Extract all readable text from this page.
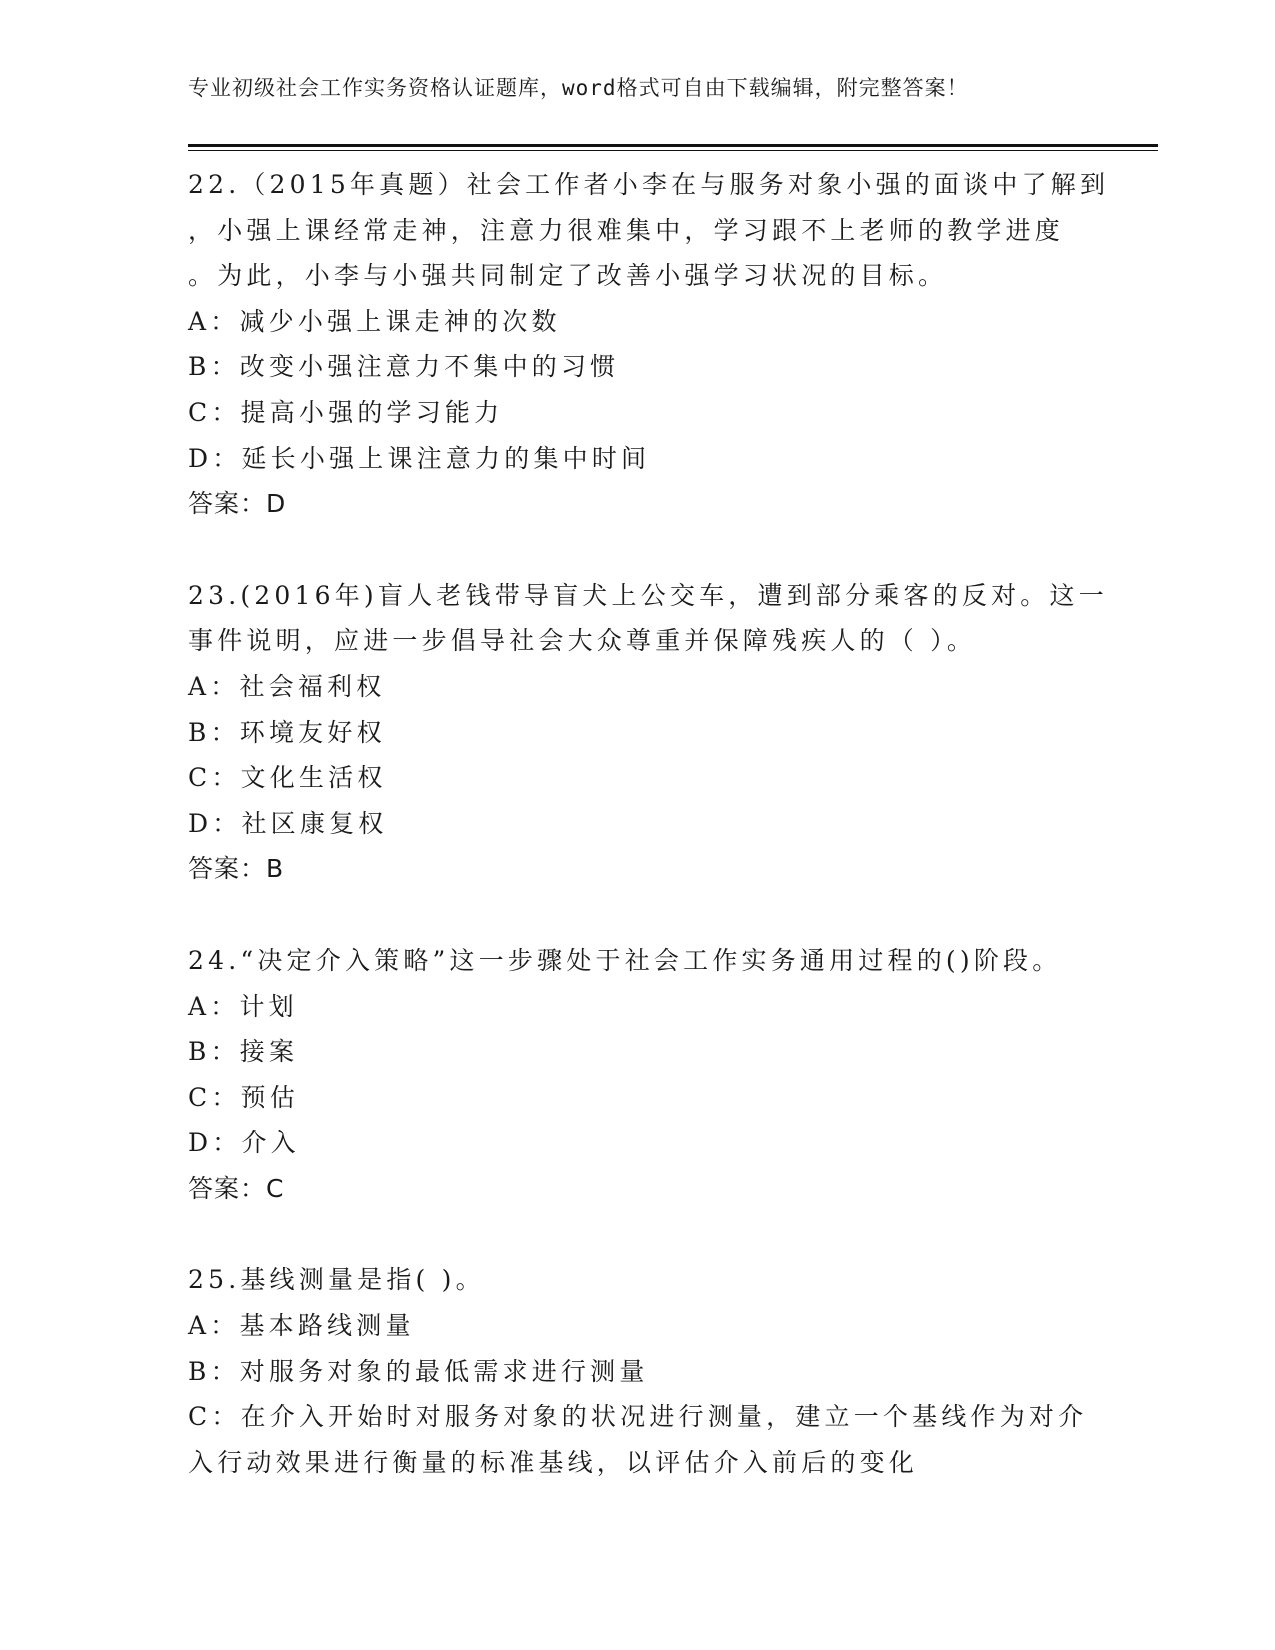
专业初级社会工作实务资格认证题库，word格式可自由下载编辑，附完整答案！
22.（2015年真题）社会工作者小李在与服务对象小强的面谈中了解到
，小强上课经常走神，注意力很难集中，学习跟不上老师的教学进度
。为此，小李与小强共同制定了改善小强学习状况的目标。
A：减少小强上课走神的次数
B：改变小强注意力不集中的习惯
C：提高小强的学习能力
D：延长小强上课注意力的集中时间
答案：D
23.(2016年)盲人老钱带导盲犬上公交车，遭到部分乘客的反对。这一
事件说明，应进一步倡导社会大众尊重并保障残疾人的（ ）。
A：社会福利权
B：环境友好权
C：文化生活权
D：社区康复权
答案：B
24.“决定介入策略”这一步骤处于社会工作实务通用过程的()阶段。
A：计划
B：接案
C：预估
D：介入
答案：C
25.基线测量是指( )。
A：基本路线测量
B：对服务对象的最低需求进行测量
C：在介入开始时对服务对象的状况进行测量，建立一个基线作为对介
入行动效果进行衡量的标准基线，以评估介入前后的变化
